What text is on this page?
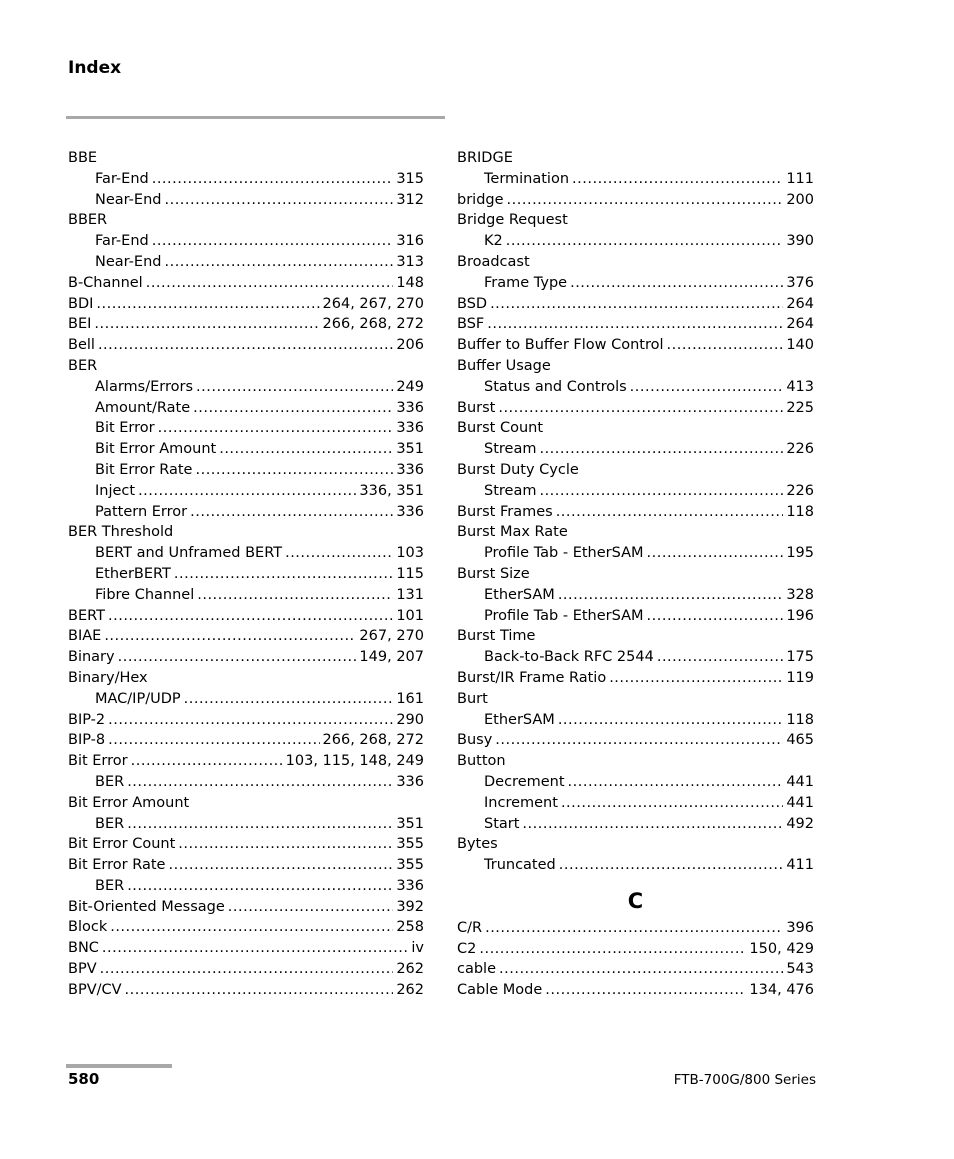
Index
BBE
Far-End .....	315
Near-End .....	312
BBER
Far-End .....	316
Near-End .....	313
B-Channel .....	148
BDI .....	264, 267, 270
BEI .....	266, 268, 272
Bell .....	206
BER
Alarms/Errors .....	249
Amount/Rate .....	336
Bit Error .....	336
Bit Error Amount .....	351
Bit Error Rate .....	336
Inject .....	336, 351
Pattern Error .....	336
BER Threshold
BERT and Unframed BERT .....	103
EtherBERT .....	115
Fibre Channel .....	131
BERT .....	101
BIAE .....	267, 270
Binary .....	149, 207
Binary/Hex
MAC/IP/UDP .....	161
BIP-2 .....	290
BIP-8 .....	266, 268, 272
Bit Error .....	103, 115, 148, 249
BER .....	336
Bit Error Amount
BER .....	351
Bit Error Count .....	355
Bit Error Rate .....	355
BER .....	336
Bit-Oriented Message .....	392
Block .....	258
BNC .....	iv
BPV .....	262
BPV/CV .....	262
BRIDGE
Termination .....	111
bridge .....	200
Bridge Request
K2 .....	390
Broadcast
Frame Type .....	376
BSD .....	264
BSF .....	264
Buffer to Buffer Flow Control .....	140
Buffer Usage
Status and Controls .....	413
Burst .....	225
Burst Count
Stream .....	226
Burst Duty Cycle
Stream .....	226
Burst Frames .....	118
Burst Max Rate
Profile Tab - EtherSAM .....	195
Burst Size
EtherSAM .....	328
Profile Tab - EtherSAM .....	196
Burst Time
Back-to-Back RFC 2544 .....	175
Burst/IR Frame Ratio .....	119
Burt
EtherSAM .....	118
Busy .....	465
Button
Decrement .....	441
Increment .....	441
Start .....	492
Bytes
Truncated .....	411
C
C/R .....	396
C2 .....	150, 429
cable .....	543
Cable Mode .....	134, 476
580	FTB-700G/800 Series
